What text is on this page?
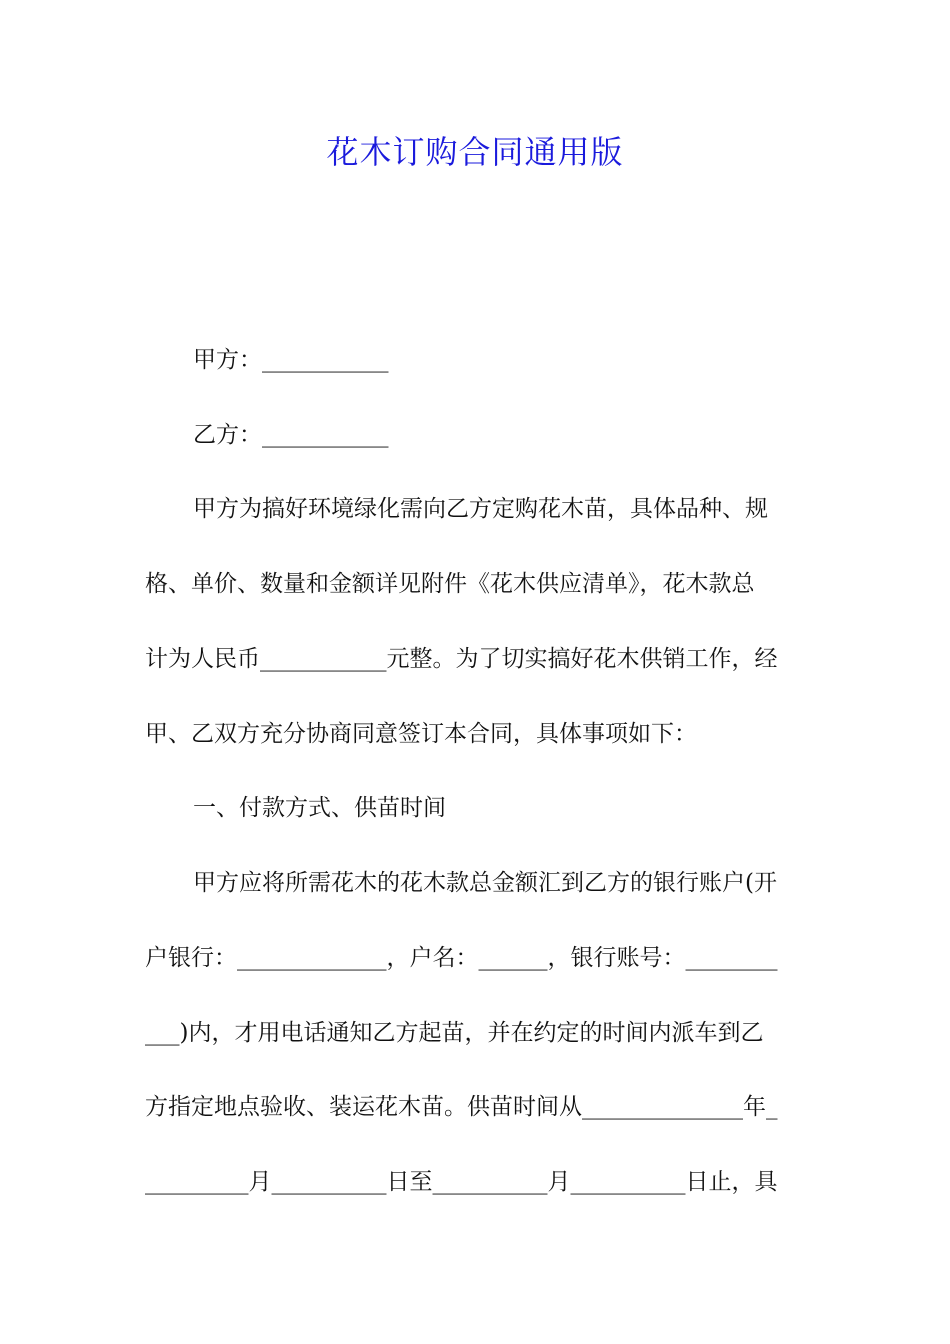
花木订购合同通用版
甲方：___________
乙方：___________
甲方为搞好环境绿化需向乙方定购花木苗，具体品种、规
格、单价、数量和金额详见附件《花木供应清单》，花木款总
计为人民币___________元整。为了切实搞好花木供销工作，经
甲、乙双方充分协商同意签订本合同，具体事项如下：
一、付款方式、供苗时间
甲方应将所需花木的花木款总金额汇到乙方的银行账户(开
户银行：_____________，户名：______，银行账号：________
___)内，才用电话通知乙方起苗，并在约定的时间内派车到乙
方指定地点验收、装运花木苗。供苗时间从______________年_
_________月__________日至__________月__________日止，具
